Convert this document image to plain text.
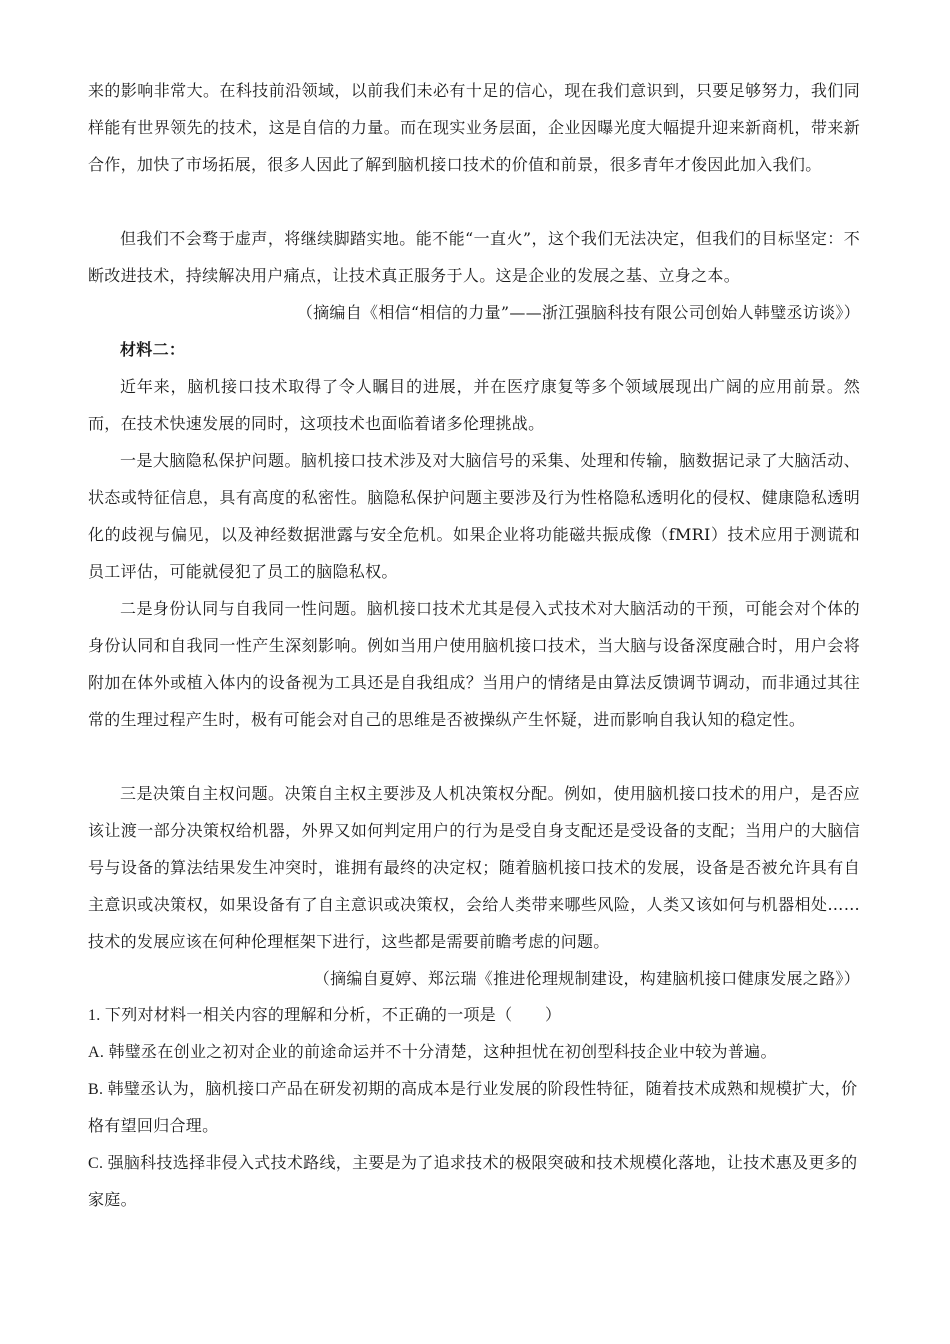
来的影响非常大。在科技前沿领域，以前我们未必有十足的信心，现在我们意识到，只要足够努力，我们同样能有世界领先的技术，这是自信的力量。而在现实业务层面，企业因曝光度大幅提升迎来新商机，带来新合作，加快了市场拓展，很多人因此了解到脑机接口技术的价值和前景，很多青年才俊因此加入我们。

但我们不会骛于虚声，将继续脚踏实地。能不能“一直火”，这个我们无法决定，但我们的目标坚定：不断改进技术，持续解决用户痛点，让技术真正服务于人。这是企业的发展之基、立身之本。

（摘编自《相信“相信的力量”——浙江强脑科技有限公司创始人韩璧丞访谈》）

材料二：

近年来，脑机接口技术取得了令人瞩目的进展，并在医疗康复等多个领域展现出广阔的应用前景。然而，在技术快速发展的同时，这项技术也面临着诸多伦理挑战。

一是大脑隐私保护问题。脑机接口技术涉及对大脑信号的采集、处理和传输，脑数据记录了大脑活动、状态或特征信息，具有高度的私密性。脑隐私保护问题主要涉及行为性格隐私透明化的侵权、健康隐私透明化的歧视与偏见，以及神经数据泄露与安全危机。如果企业将功能磁共振成像（fMRI）技术应用于测谎和员工评估，可能就侵犯了员工的脑隐私权。

二是身份认同与自我同一性问题。脑机接口技术尤其是侵入式技术对大脑活动的干预，可能会对个体的身份认同和自我同一性产生深刻影响。例如当用户使用脑机接口技术，当大脑与设备深度融合时，用户会将附加在体外或植入体内的设备视为工具还是自我组成？当用户的情绪是由算法反馈调节调动，而非通过其往常的生理过程产生时，极有可能会对自己的思维是否被操纵产生怀疑，进而影响自我认知的稳定性。

三是决策自主权问题。决策自主权主要涉及人机决策权分配。例如，使用脑机接口技术的用户，是否应该让渡一部分决策权给机器，外界又如何判定用户的行为是受自身支配还是受设备的支配；当用户的大脑信号与设备的算法结果发生冲突时，谁拥有最终的决定权；随着脑机接口技术的发展，设备是否被允许具有自主意识或决策权，如果设备有了自主意识或决策权，会给人类带来哪些风险，人类又该如何与机器相处……技术的发展应该在何种伦理框架下进行，这些都是需要前瞻考虑的问题。

（摘编自夏婷、郑沄瑞《推进伦理规制建设，构建脑机接口健康发展之路》）

1. 下列对材料一相关内容的理解和分析，不正确的一项是（　　）

A. 韩璧丞在创业之初对企业的前途命运并不十分清楚，这种担忧在初创型科技企业中较为普遍。

B. 韩璧丞认为，脑机接口产品在研发初期的高成本是行业发展的阶段性特征，随着技术成熟和规模扩大，价格有望回归合理。

C. 强脑科技选择非侵入式技术路线，主要是为了追求技术的极限突破和技术规模化落地，让技术惠及更多的家庭。
